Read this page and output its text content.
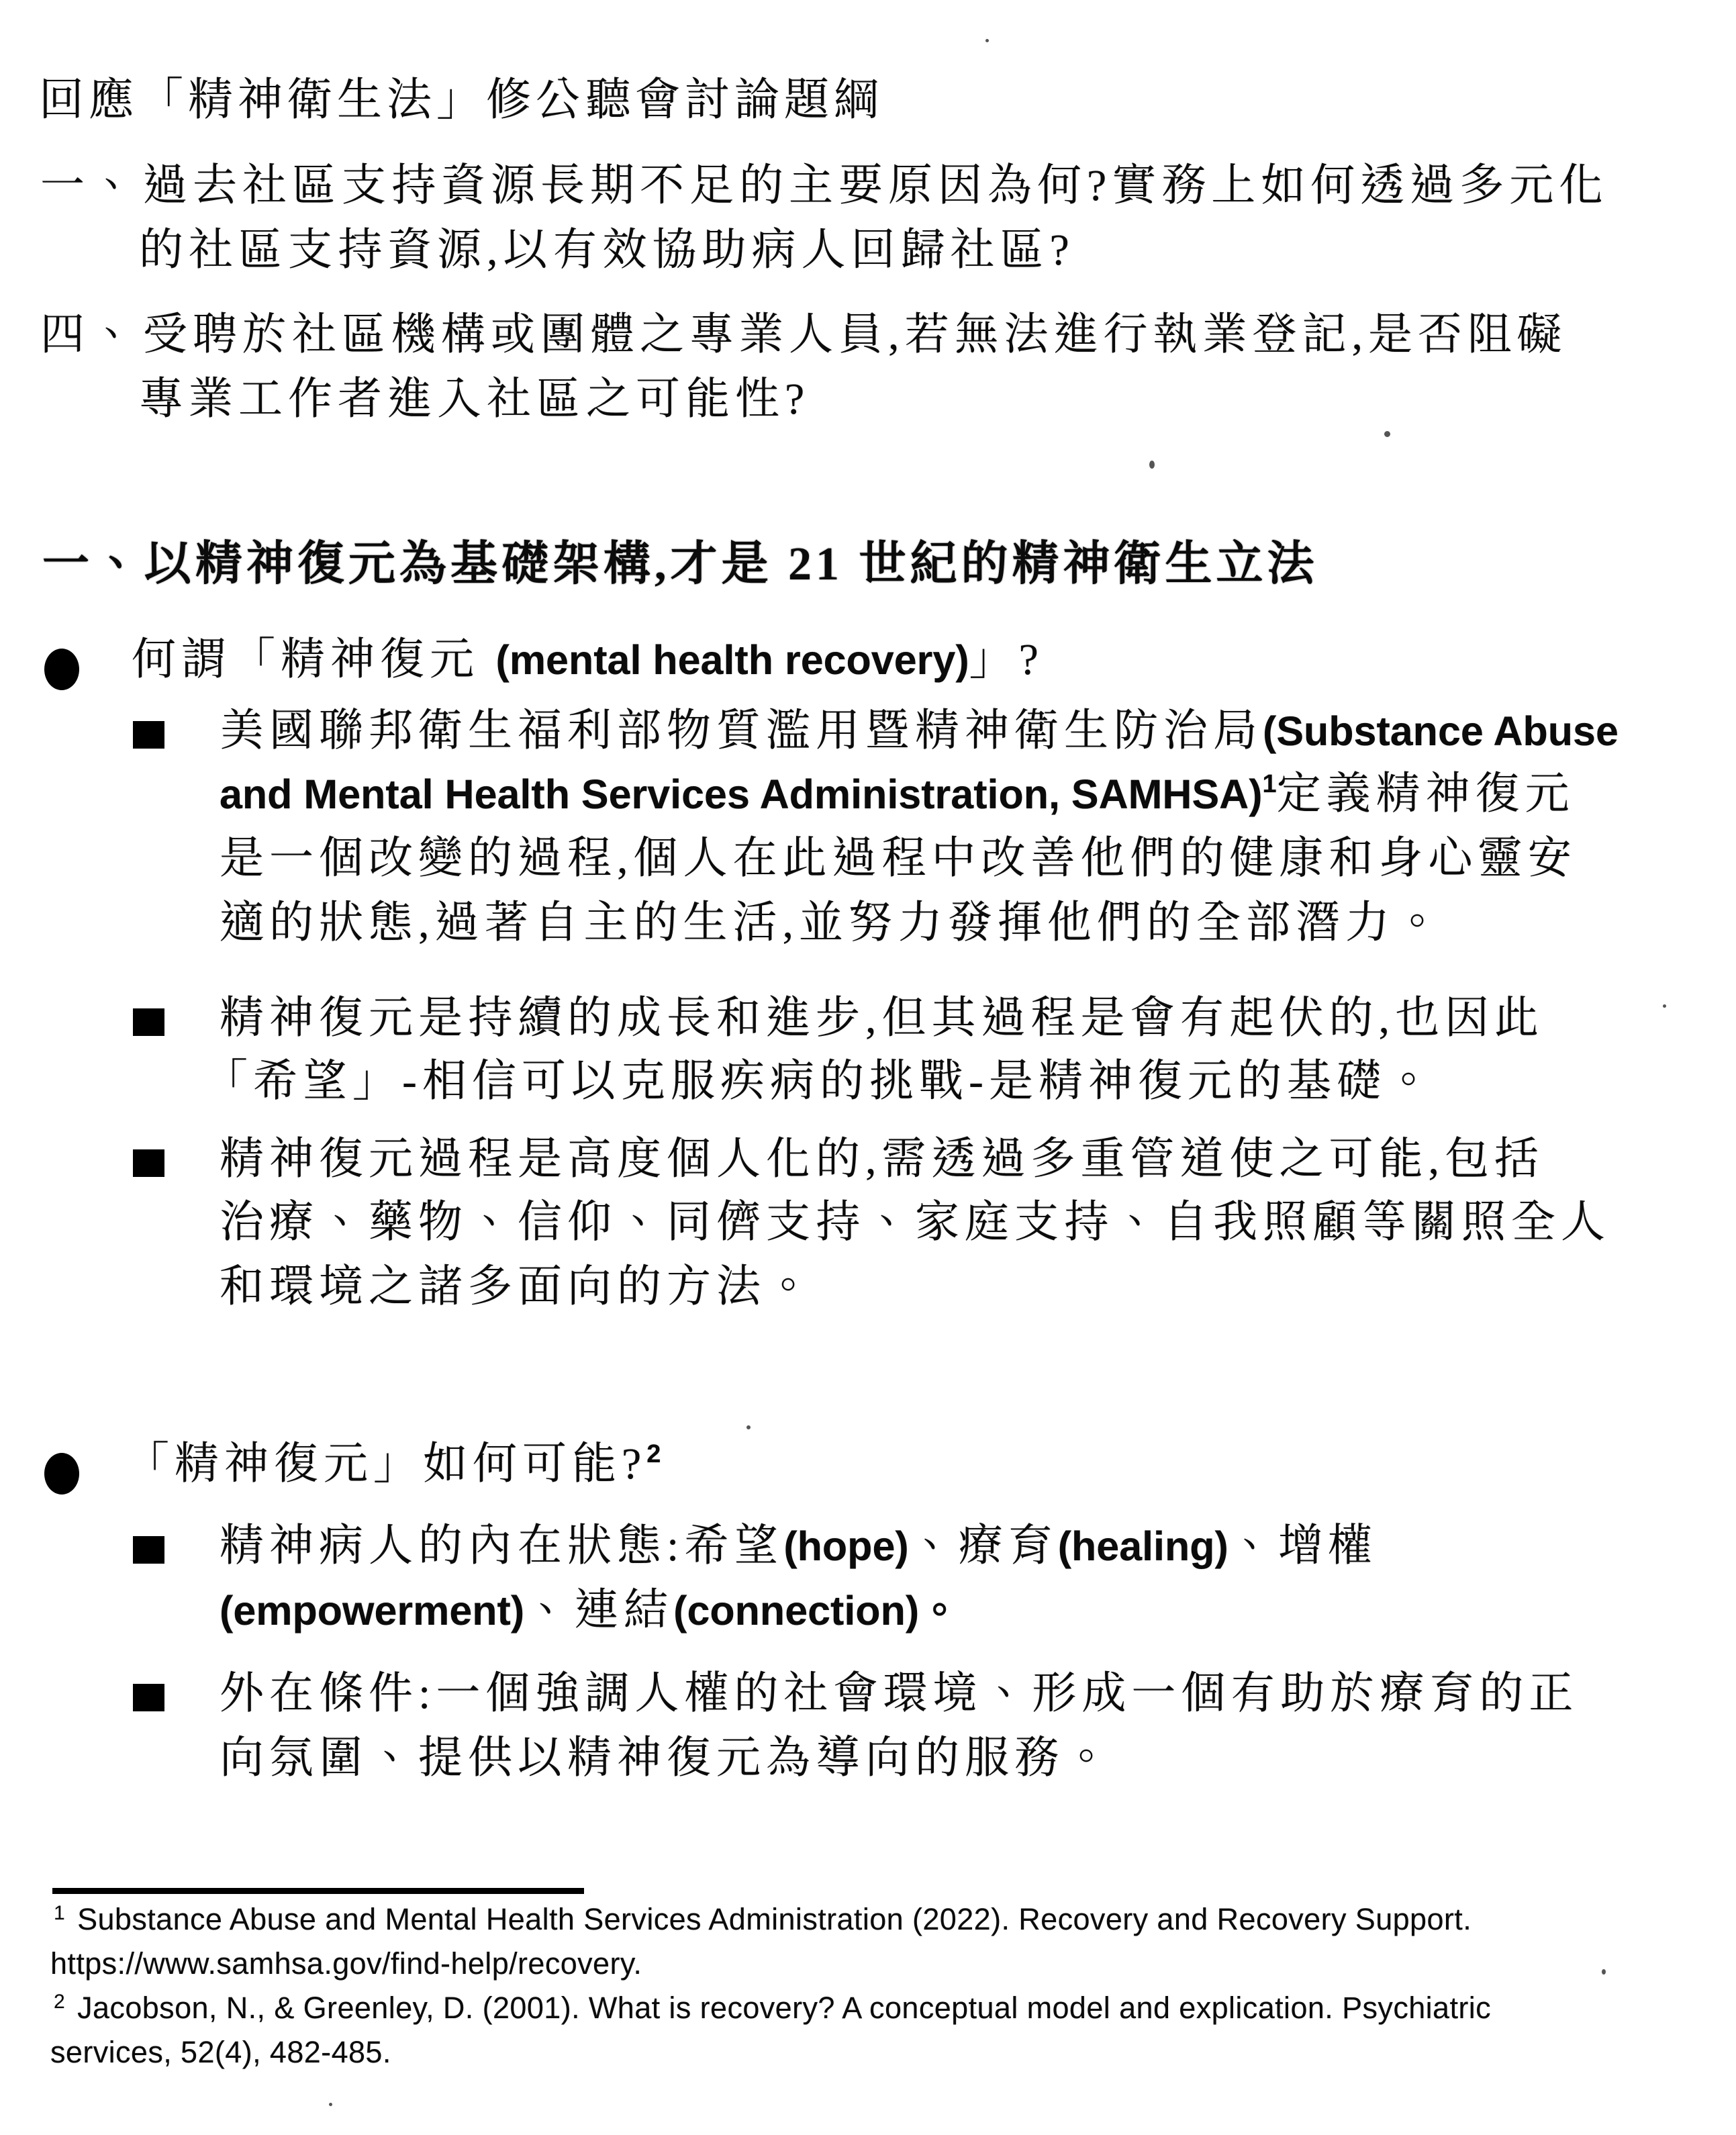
回應「精神衛生法」修公聽會討論題綱
一、 過去社區支持資源長期不足的主要原因為何?實務上如何透過多元化
的社區支持資源,以有效協助病人回歸社區?
四、 受聘於社區機構或團體之專業人員,若無法進行執業登記,是否阻礙
專業工作者進入社區之可能性?
一、以精神復元為基礎架構,才是 21 世紀的精神衛生立法
何謂「精神復元 (mental health recovery)」?
美國聯邦衛生福利部物質濫用暨精神衛生防治局(Substance Abuse
and Mental Health Services Administration, SAMHSA)$^1$定義精神復元
是一個改變的過程,個人在此過程中改善他們的健康和身心靈安
適的狀態,過著自主的生活,並努力發揮他們的全部潛力。
精神復元是持續的成長和進步,但其過程是會有起伏的,也因此
「希望」-相信可以克服疾病的挑戰-是精神復元的基礎。
精神復元過程是高度個人化的,需透過多重管道使之可能,包括
治療、藥物、信仰、同儕支持、家庭支持、自我照顧等關照全人
和環境之諸多面向的方法。
「精神復元」如何可能?$^2$
精神病人的內在狀態:希望(hope)、療育(healing)、增權
(empowerment)、連結(connection)。
外在條件:一個強調人權的社會環境、形成一個有助於療育的正
向氛圍、提供以精神復元為導向的服務。
1 Substance Abuse and Mental Health Services Administration (2022). Recovery and Recovery Support.
https://www.samhsa.gov/find-help/recovery.
2 Jacobson, N., & Greenley, D. (2001). What is recovery? A conceptual model and explication. Psychiatric
services, 52(4), 482-485.
